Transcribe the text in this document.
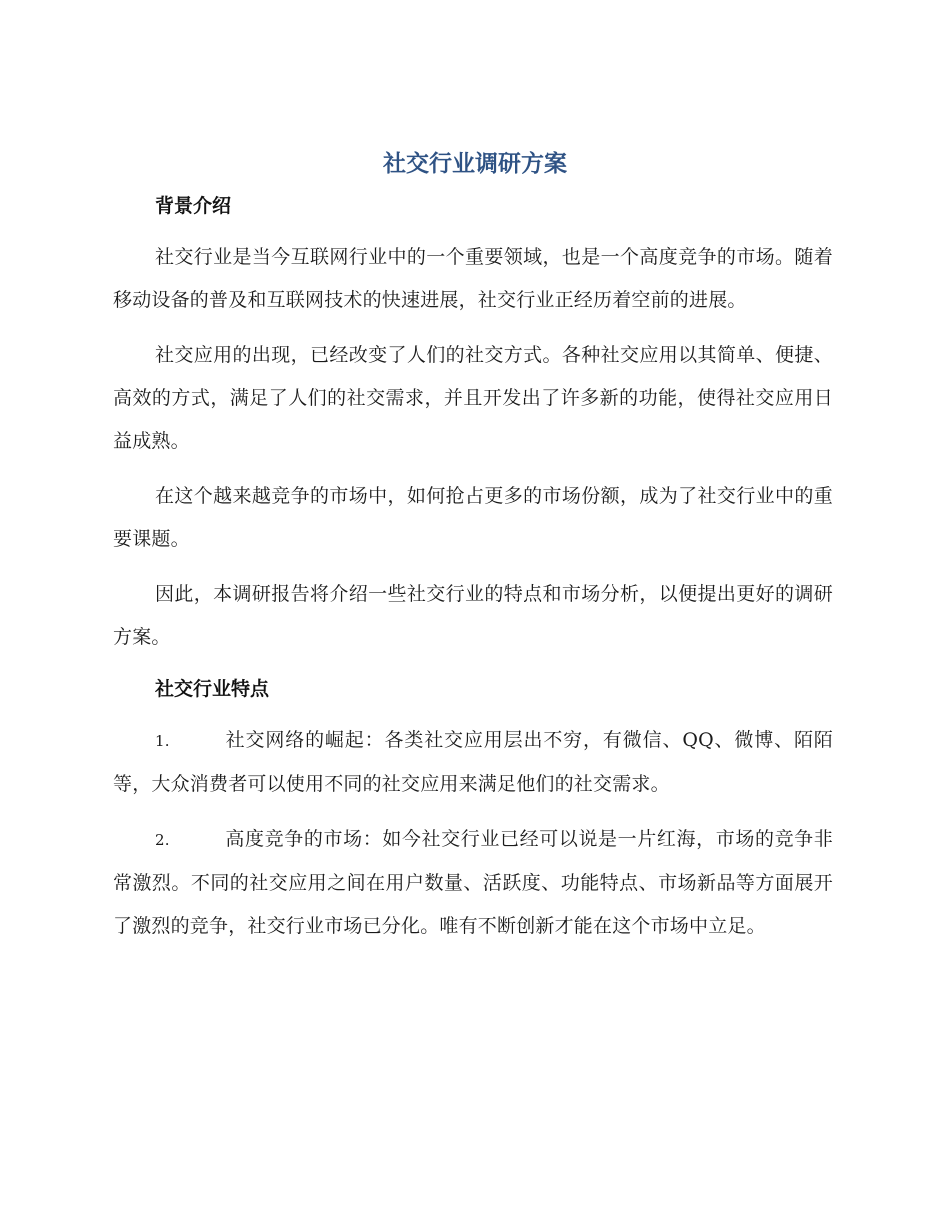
社交行业调研方案
背景介绍

社交行业是当今互联网行业中的一个重要领域，也是一个高度竞争的市场。随着移动设备的普及和互联网技术的快速进展，社交行业正经历着空前的进展。

社交应用的出现，已经改变了人们的社交方式。各种社交应用以其简单、便捷、高效的方式，满足了人们的社交需求，并且开发出了许多新的功能，使得社交应用日益成熟。

在这个越来越竞争的市场中，如何抢占更多的市场份额，成为了社交行业中的重要课题。

因此，本调研报告将介绍一些社交行业的特点和市场分析，以便提出更好的调研方案。

社交行业特点

1.	社交网络的崛起：各类社交应用层出不穷，有微信、QQ、微博、陌陌等，大众消费者可以使用不同的社交应用来满足他们的社交需求。

2.	高度竞争的市场：如今社交行业已经可以说是一片红海，市场的竞争非常激烈。不同的社交应用之间在用户数量、活跃度、功能特点、市场新品等方面展开了激烈的竞争，社交行业市场已分化。唯有不断创新才能在这个市场中立足。
